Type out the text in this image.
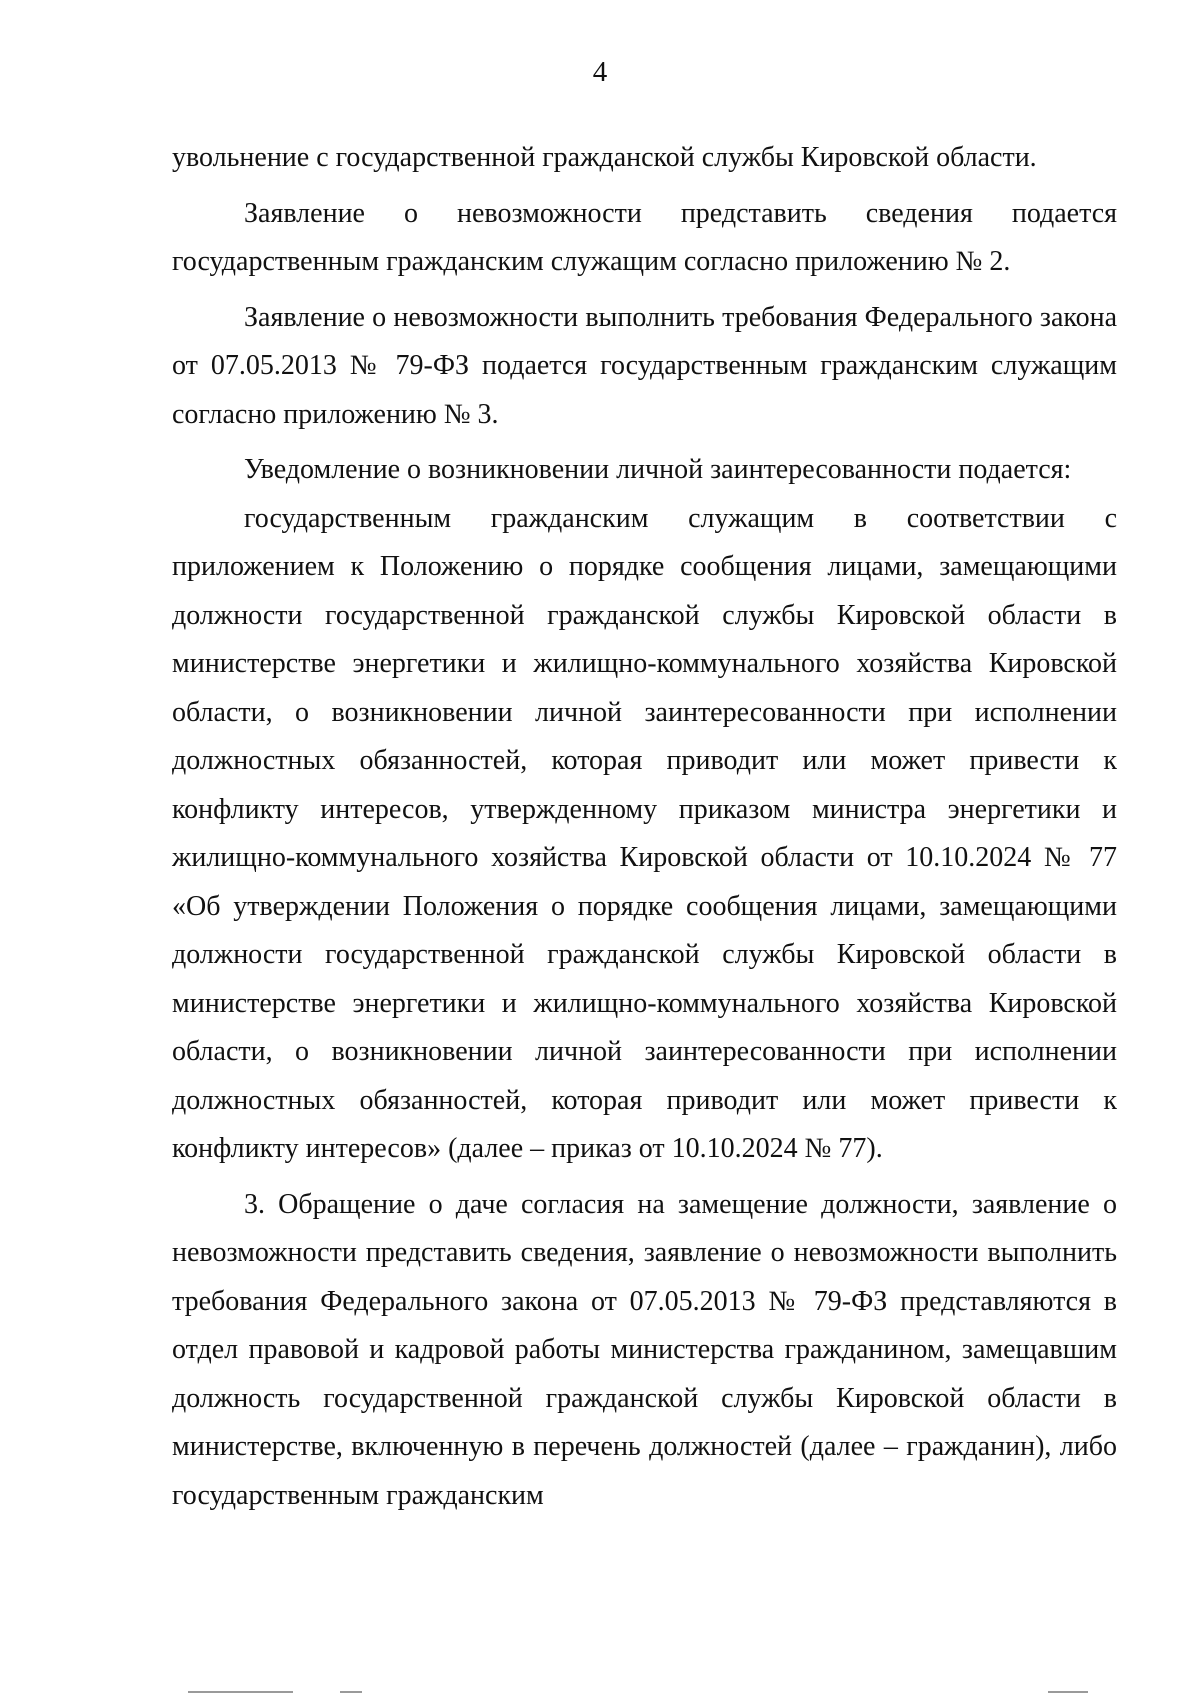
4

увольнение с государственной гражданской службы Кировской области.

Заявление о невозможности представить сведения подается государственным гражданским служащим согласно приложению № 2.

Заявление о невозможности выполнить требования Федерального закона от 07.05.2013 № 79-ФЗ подается государственным гражданским служащим согласно приложению № 3.

Уведомление о возникновении личной заинтересованности подается:

государственным гражданским служащим в соответствии с приложением к Положению о порядке сообщения лицами, замещающими должности государственной гражданской службы Кировской области в министерстве энергетики и жилищно-коммунального хозяйства Кировской области, о возникновении личной заинтересованности при исполнении должностных обязанностей, которая приводит или может привести к конфликту интересов, утвержденному приказом министра энергетики и жилищно-коммунального хозяйства Кировской области от 10.10.2024 № 77 «Об утверждении Положения о порядке сообщения лицами, замещающими должности государственной гражданской службы Кировской области в министерстве энергетики и жилищно-коммунального хозяйства Кировской области, о возникновении личной заинтересованности при исполнении должностных обязанностей, которая приводит или может привести к конфликту интересов» (далее – приказ от 10.10.2024 № 77).

3. Обращение о даче согласия на замещение должности, заявление о невозможности представить сведения, заявление о невозможности выполнить требования Федерального закона от 07.05.2013 № 79-ФЗ представляются в отдел правовой и кадровой работы министерства гражданином, замещавшим должность государственной гражданской службы Кировской области в министерстве, включенную в перечень должностей (далее – гражданин), либо государственным гражданским
